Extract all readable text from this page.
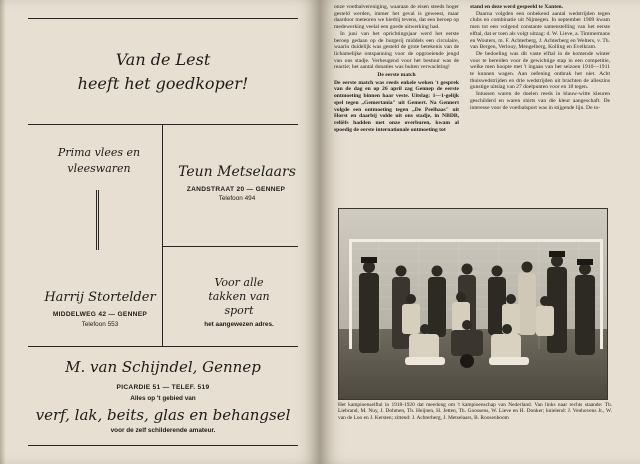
Van de Lest
heeft het goedkoper!
Prima vlees en
vleeswaren
Harrij Stortelder
MIDDELWEG 42 — GENNEP
Telefoon 553
Teun Metselaars
ZANDSTRAAT 20 — GENNEP
Telefoon 494
Voor alle
takken van
sport
het aangewezen adres.
M. van Schijndel, Gennep
PICARDIE 51 — TELEF. 519
Alles op 't gebied van
verf, lak, beits, glas en behangsel
voor de zelf schilderende amateur.

onze voetbalvereniging, waaraan de eisen steeds hoger gesteld werden, immer het geval is geweest, maar daardoor meteoren we hierbij tevens, dat een beroep op medewerking veelal een goede uitwerking had.

In juni van het oprichtingsjaar werd het eerste beroep gedaan op de burgerij middels een circulaire, waarin duidelijk was gesteld de grote betekenis van de lichamelijke ontspanning voor de opgroeiende jeugd van ons stadje. Verheugend voor het bestuur was de reactie; het aantal donaties was buiten verwachting!

De eerste match

De eerste match was reeds enkele weken 't gesprek van de dag en op 26 april zag Gennep de eerste ontmoeting binnen haar veste. Uitslag: 1—1-gelijk spel tegen „Gemertania" uit Gemert. Na Gennert volgde een ontmoeting tegen „De Peelhaas" uit Horst en daarbij volde uit ons stadje, in NBDB, reliëfs hadden met onze overburen, kwam al spoedig de eerste internationale ontmoeting tot

stand en deze werd gespeeld te Xanten.

Daarna volgden een onbekend aantal wedstrijden tegen clubs en combinatie uit Nijmegen. In september 1909 kwam men tot een volgend constante samenstelling van het eerste elftal, dat er toen als volgt uitzag: d. W. Lieve, a. Timmermans en Wouters, m. F. Achterberg, J. Achterberg en Welters, v. Th. van Bergen, Verlouy, Mengelberg, Kolling en Evelkram.

De bedoeling was dit vaste elftal in de komende winter voor te bereiden voor de gewichtige stap in een competitie, welke men hoopte met 't ingaan van het seizoen 1910—1911 te kunnen wagen. Aan oefening ontbrak het niet. Acht thuiswedstrijden en drie wedstrijden uit brachten de alleszins gunstige uitslag van 27 doelpunten voor en 18 tegen.

Intussen waren de doelen reeds in blauw-witte kleuren geschilderd en waren shirts van die kleur aangeschaft. De interesse voor de voetbalsport was in stijgende lijn. De to-

Het kampioenselftal in 1918-1920 dat meedong om 't kampioenschap van Nederland. Van links naar rechts staande: Th. Liebrand, M. Nuy, J. Dohmen, Th. Heijnen, H. Jetten, Th. Goossens, W. Lieve en H. Donker; knielend: J. Venhovens Jr., W. van de Loo en J. Kersten; zittend: J. Achterberg, J. Metselaars, B. Roosenboom
